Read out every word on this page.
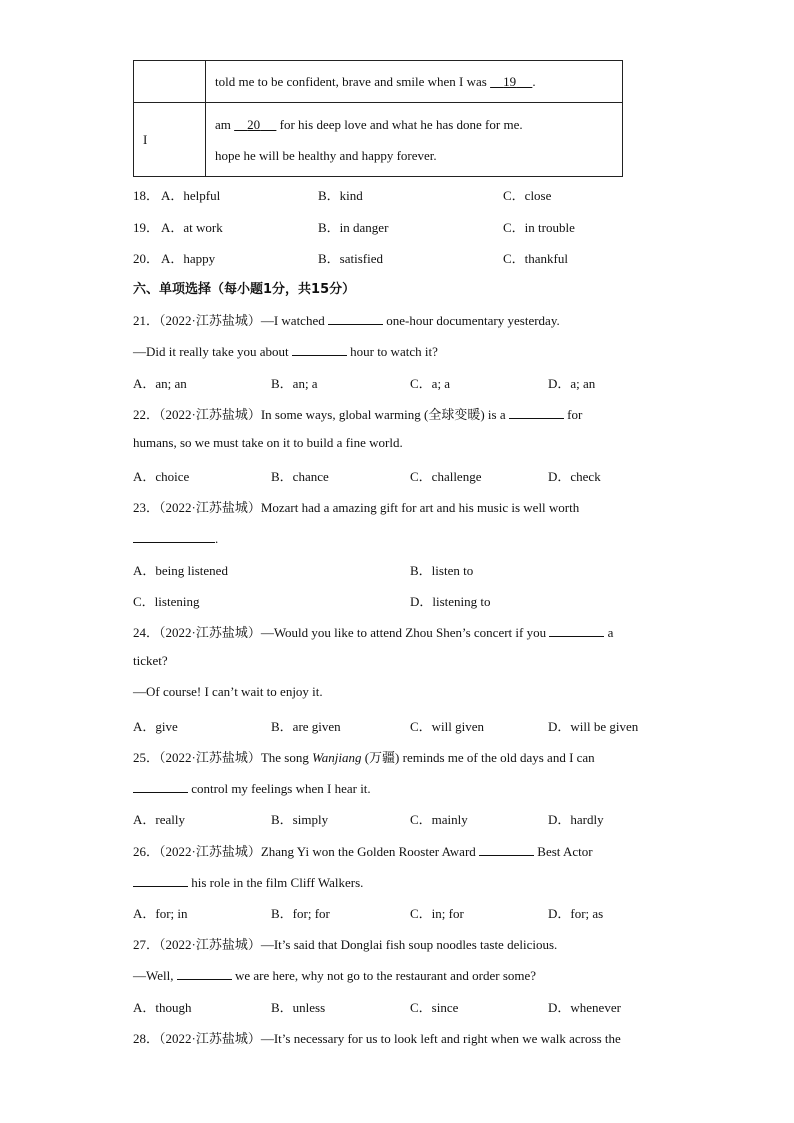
	told me to be confident, brave and smile when I was     19 .
I	am     20      for his deep love and what he has done for me.
hope he will be healthy and happy forever.
18． A．helpful	B．kind	C．close
19． A．at work	B．in danger	C．in trouble
20． A．happy	B．satisfied	C．thankful
六、单项选择（每小题1分，共15分）
21．（2022·江苏盐城）—I watched	one-hour documentary yesterday.
—Did it really take you about	hour to watch it?
A．an; an	B．an; a	C．a; a	D．a; an
22．（2022·江苏盐城）In some ways, global warming (全球变暖) is a	for
humans, so we must take on it to build a fine world.
A．choice	B．chance	C．challenge	D．check
23．（2022·江苏盐城）Mozart had a amazing gift for art and his music is well worth
.
A．being listened	B．listen to
C．listening	D．listening to
24．（2022·江苏盐城）—Would you like to attend Zhou Shen’s concert if you	a
ticket?
—Of course! I can’t wait to enjoy it.
A．give	B．are given	C．will given	D．will be given
25．（2022·江苏盐城）The song Wanjiang (万疆) reminds me of the old days and I can
control my feelings when I hear it.
A．really	B．simply	C．mainly	D．hardly
26．（2022·江苏盐城）Zhang Yi won the Golden Rooster Award	Best Actor
his role in the film Cliff Walkers.
A．for; in	B．for; for	C．in; for	D．for; as
27．（2022·江苏盐城）—It’s said that Donglai fish soup noodles taste delicious.
—Well,	we are here, why not go to the restaurant and order some?
A．though	B．unless	C．since	D．whenever
28．（2022·江苏盐城）—It’s necessary for us to look left and right when we walk across the
